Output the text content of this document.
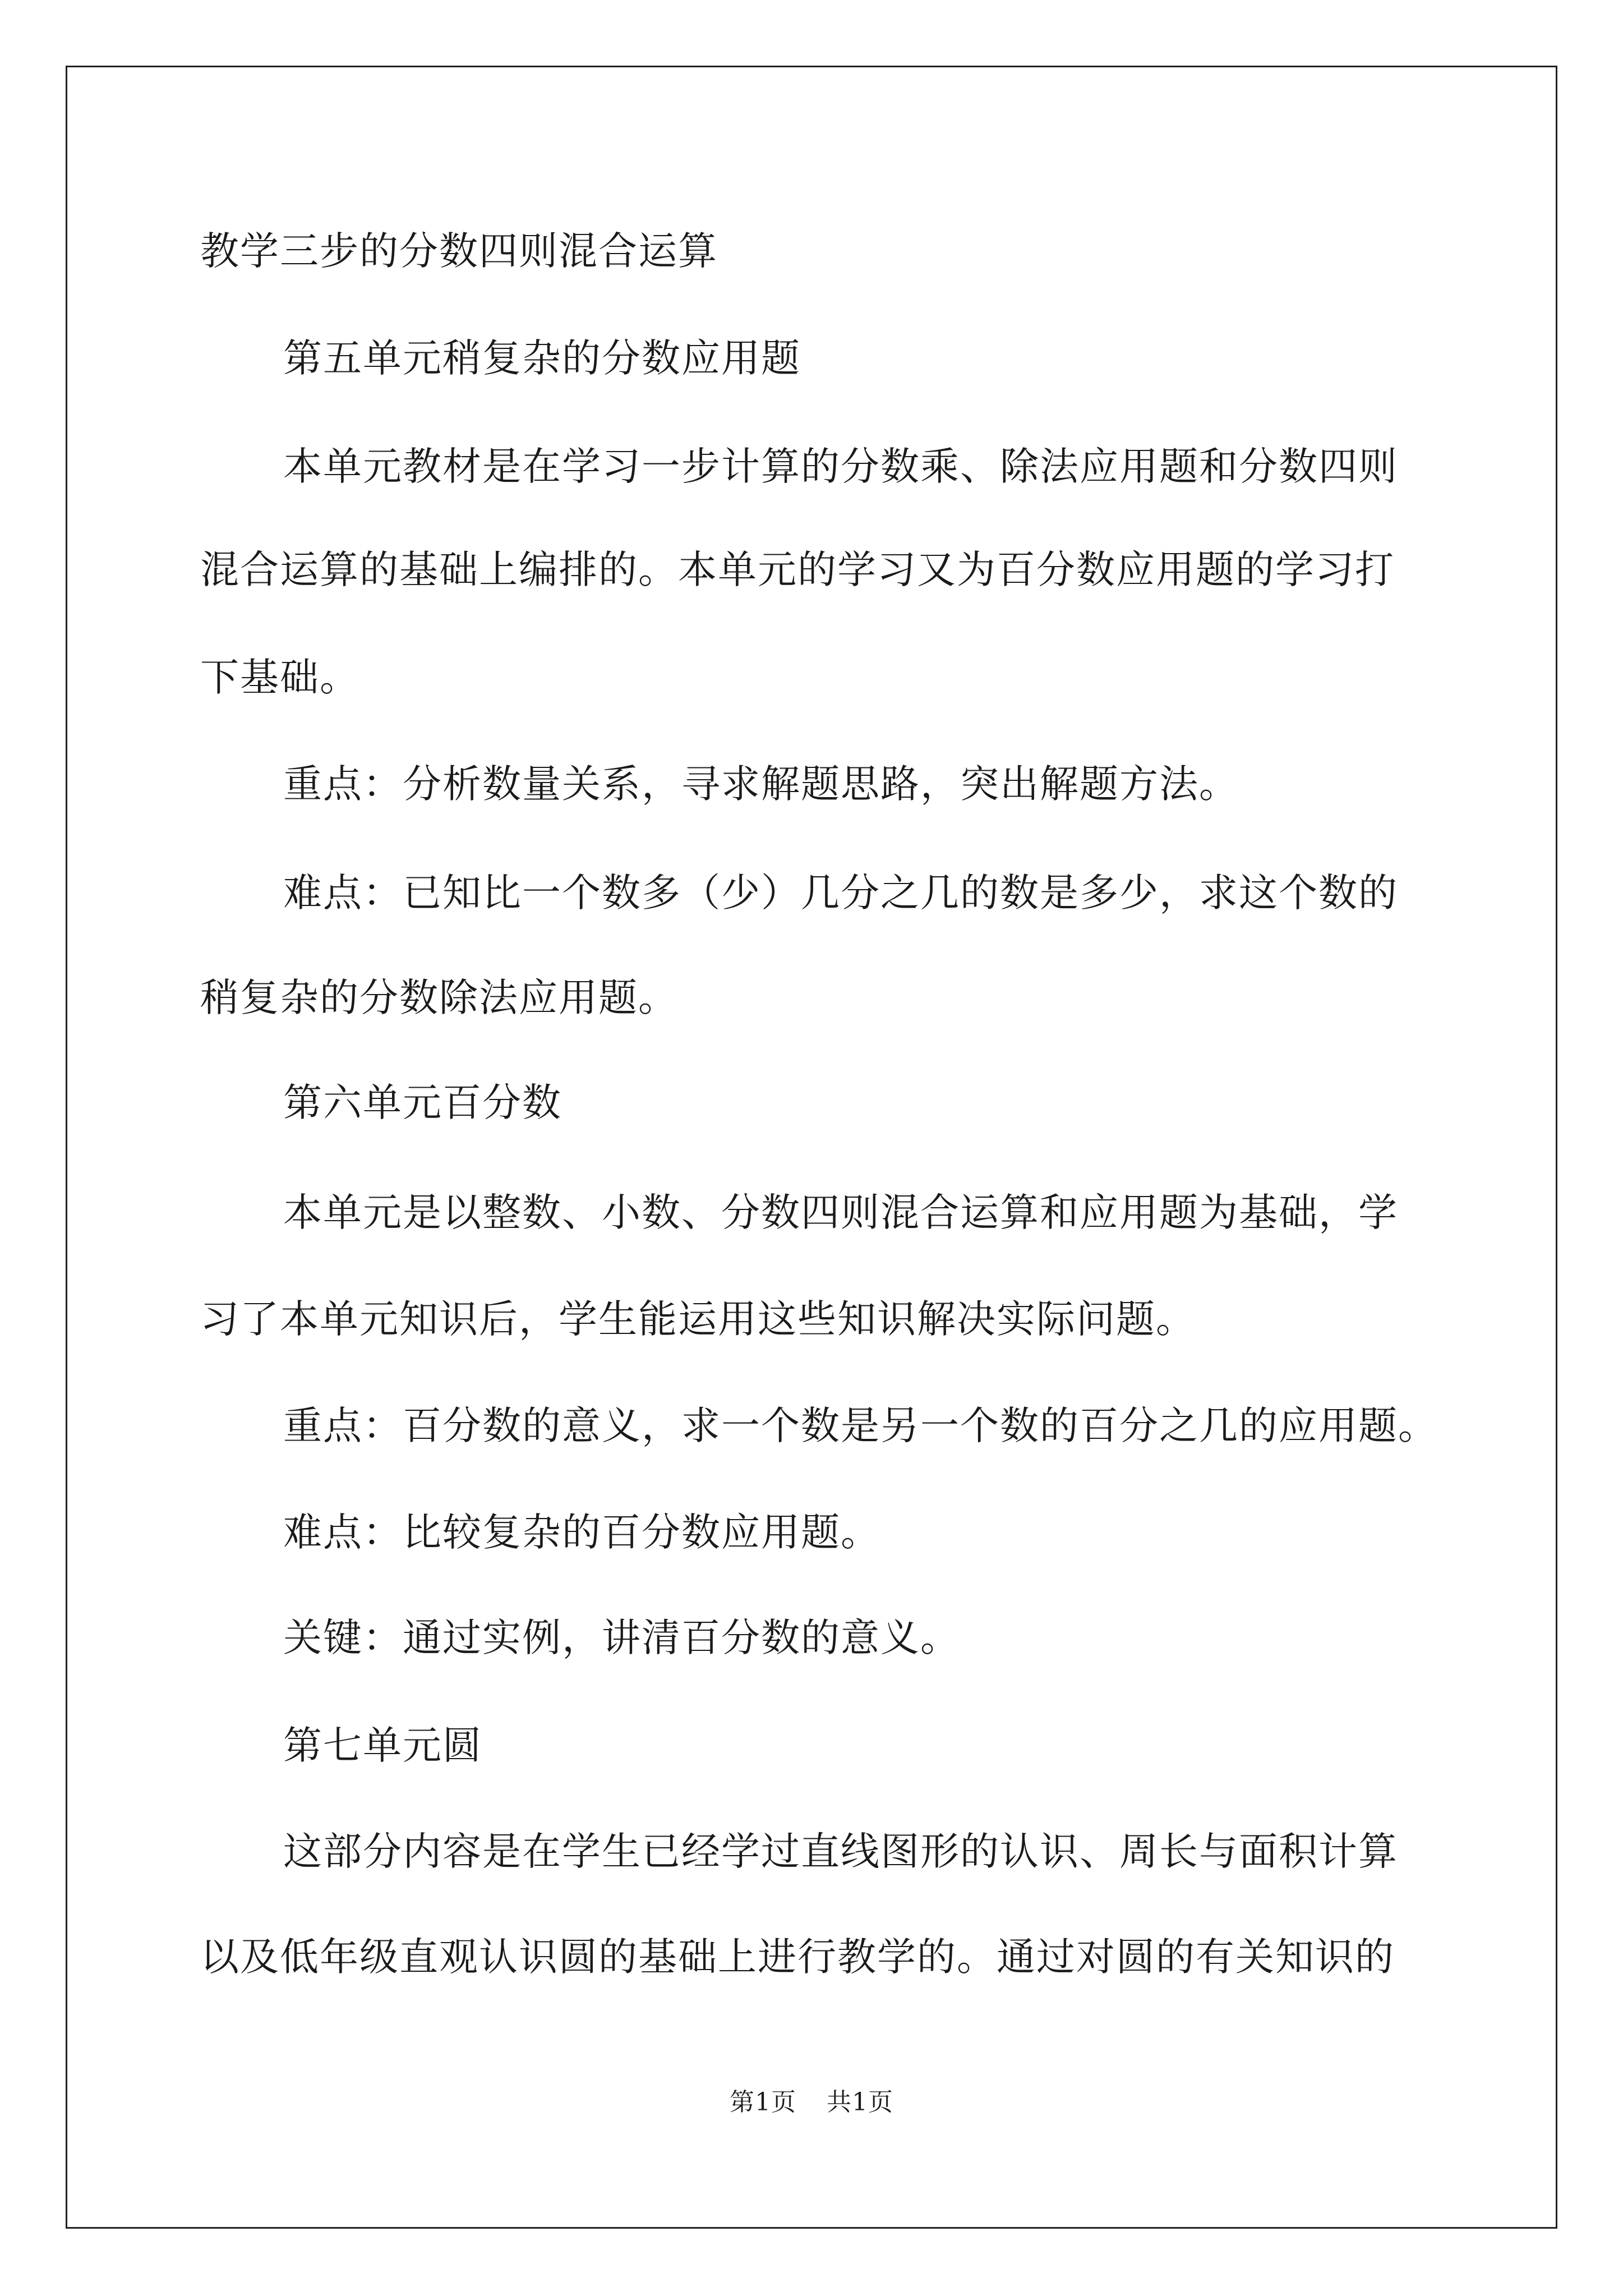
教学三步的分数四则混合运算
第五单元稍复杂的分数应用题
本单元教材是在学习一步计算的分数乘、除法应用题和分数四则
混合运算的基础上编排的。本单元的学习又为百分数应用题的学习打
下基础。
重点：分析数量关系，寻求解题思路，突出解题方法。
难点：已知比一个数多（少）几分之几的数是多少，求这个数的
稍复杂的分数除法应用题。
第六单元百分数
本单元是以整数、小数、分数四则混合运算和应用题为基础，学
习了本单元知识后，学生能运用这些知识解决实际问题。
重点：百分数的意义，求一个数是另一个数的百分之几的应用题。
难点：比较复杂的百分数应用题。
关键：通过实例，讲清百分数的意义。
第七单元圆
这部分内容是在学生已经学过直线图形的认识、周长与面积计算
以及低年级直观认识圆的基础上进行教学的。通过对圆的有关知识的
第1页 共1页
